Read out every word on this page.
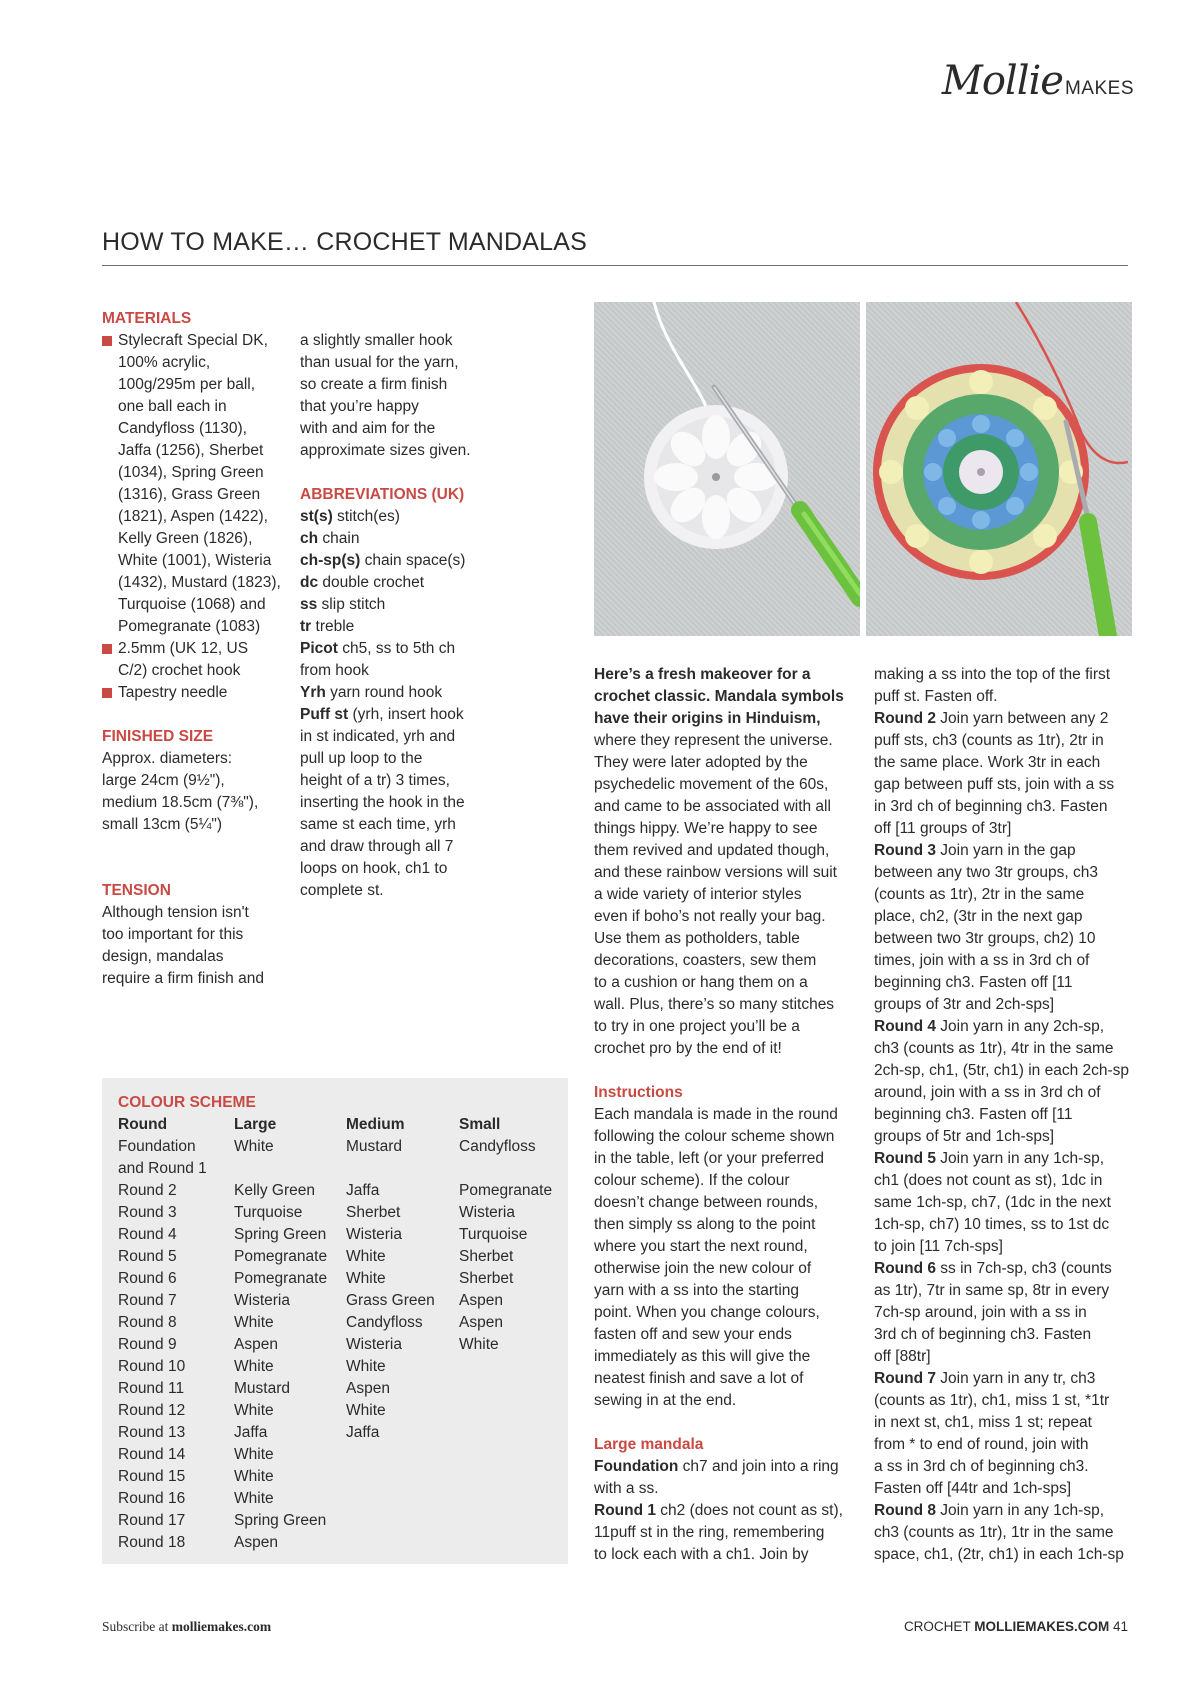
Mollie MAKES
HOW TO MAKE… CROCHET MANDALAS
MATERIALS
Stylecraft Special DK,
100% acrylic,
100g/295m per ball,
one ball each in
Candyfloss (1130),
Jaffa (1256), Sherbet
(1034), Spring Green
(1316), Grass Green
(1821), Aspen (1422),
Kelly Green (1826),
White (1001), Wisteria
(1432), Mustard (1823),
Turquoise (1068) and
Pomegranate (1083)
2.5mm (UK 12, US
C/2) crochet hook
Tapestry needle
FINISHED SIZE
Approx. diameters:
large 24cm (9½"),
medium 18.5cm (7⅜"),
small 13cm (5¼")
TENSION
Although tension isn't
too important for this
design, mandalas
require a firm finish and
a slightly smaller hook
than usual for the yarn,
so create a firm finish
that you’re happy
with and aim for the
approximate sizes given.
ABBREVIATIONS (UK)
st(s) stitch(es)
ch chain
ch-sp(s) chain space(s)
dc double crochet
ss slip stitch
tr treble
Picot ch5, ss to 5th ch
from hook
Yrh yarn round hook
Puff st (yrh, insert hook
in st indicated, yrh and
pull up loop to the
height of a tr) 3 times,
inserting the hook in the
same st each time, yrh
and draw through all 7
loops on hook, ch1 to
complete st.
COLOUR SCHEME
Round	Large	Medium	Small
Foundation	White	Mustard	Candyfloss
and Round 1			
Round 2	Kelly Green	Jaffa	Pomegranate
Round 3	Turquoise	Sherbet	Wisteria
Round 4	Spring Green	Wisteria	Turquoise
Round 5	Pomegranate	White	Sherbet
Round 6	Pomegranate	White	Sherbet
Round 7	Wisteria	Grass Green	Aspen
Round 8	White	Candyfloss	Aspen
Round 9	Aspen	Wisteria	White
Round 10	White	White	
Round 11	Mustard	Aspen	
Round 12	White	White	
Round 13	Jaffa	Jaffa	
Round 14	White		
Round 15	White		
Round 16	White		
Round 17	Spring Green		
Round 18	Aspen		
Here’s a fresh makeover for a
crochet classic. Mandala symbols
have their origins in Hinduism,
where they represent the universe.
They were later adopted by the
psychedelic movement of the 60s,
and came to be associated with all
things hippy. We’re happy to see
them revived and updated though,
and these rainbow versions will suit
a wide variety of interior styles
even if boho’s not really your bag.
Use them as potholders, table
decorations, coasters, sew them
to a cushion or hang them on a
wall. Plus, there’s so many stitches
to try in one project you’ll be a
crochet pro by the end of it!
Instructions
Each mandala is made in the round
following the colour scheme shown
in the table, left (or your preferred
colour scheme). If the colour
doesn’t change between rounds,
then simply ss along to the point
where you start the next round,
otherwise join the new colour of
yarn with a ss into the starting
point. When you change colours,
fasten off and sew your ends
immediately as this will give the
neatest finish and save a lot of
sewing in at the end.
Large mandala
Foundation ch7 and join into a ring
with a ss.
Round 1 ch2 (does not count as st),
11puff st in the ring, remembering
to lock each with a ch1. Join by
making a ss into the top of the first
puff st. Fasten off.
Round 2 Join yarn between any 2
puff sts, ch3 (counts as 1tr), 2tr in
the same place. Work 3tr in each
gap between puff sts, join with a ss
in 3rd ch of beginning ch3. Fasten
off [11 groups of 3tr]
Round 3 Join yarn in the gap
between any two 3tr groups, ch3
(counts as 1tr), 2tr in the same
place, ch2, (3tr in the next gap
between two 3tr groups, ch2) 10
times, join with a ss in 3rd ch of
beginning ch3. Fasten off [11
groups of 3tr and 2ch-sps]
Round 4 Join yarn in any 2ch-sp,
ch3 (counts as 1tr), 4tr in the same
2ch-sp, ch1, (5tr, ch1) in each 2ch-sp
around, join with a ss in 3rd ch of
beginning ch3. Fasten off [11
groups of 5tr and 1ch-sps]
Round 5 Join yarn in any 1ch-sp,
ch1 (does not count as st), 1dc in
same 1ch-sp, ch7, (1dc in the next
1ch-sp, ch7) 10 times, ss to 1st dc
to join [11 7ch-sps]
Round 6 ss in 7ch-sp, ch3 (counts
as 1tr), 7tr in same sp, 8tr in every
7ch-sp around, join with a ss in
3rd ch of beginning ch3. Fasten
off [88tr]
Round 7 Join yarn in any tr, ch3
(counts as 1tr), ch1, miss 1 st, *1tr
in next st, ch1, miss 1 st; repeat
from * to end of round, join with
a ss in 3rd ch of beginning ch3.
Fasten off [44tr and 1ch-sps]
Round 8 Join yarn in any 1ch-sp,
ch3 (counts as 1tr), 1tr in the same
space, ch1, (2tr, ch1) in each 1ch-sp
Subscribe at molliemakes.com	CROCHET MOLLIEMAKES.COM 41
